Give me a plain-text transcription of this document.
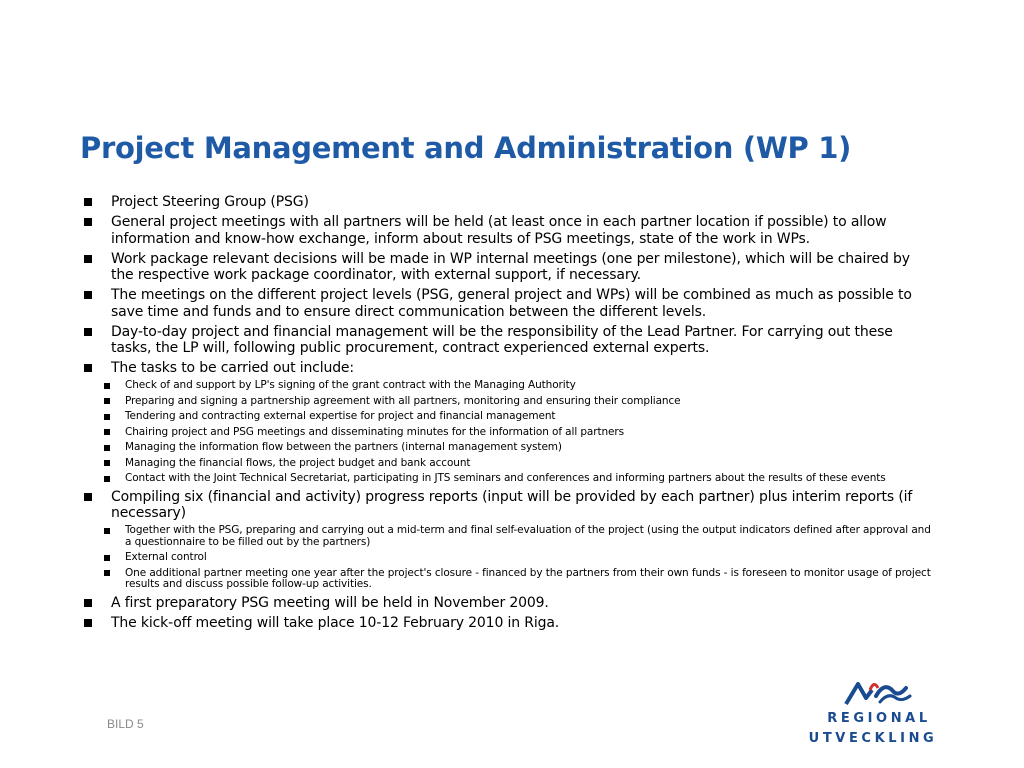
Project Management and Administration (WP 1)
Project Steering Group (PSG)
General project meetings with all partners will be held (at least once in each partner location if possible) to allow information and know-how exchange, inform about results of PSG meetings, state of the work in WPs.
Work package relevant decisions will be made in WP internal meetings (one per milestone), which will be chaired by the respective work package coordinator, with external support, if necessary.
The meetings on the different project levels (PSG, general project and WPs) will be combined as much as possible to save time and funds and to ensure direct communication between the different levels.
Day-to-day project and financial management will be the responsibility of the Lead Partner. For carrying out these tasks, the LP will, following public procurement, contract experienced external experts.
The tasks to be carried out include:
Check of and support by LP's signing of the grant contract with the Managing Authority
Preparing and signing a partnership agreement with all partners, monitoring and ensuring their compliance
Tendering and contracting external expertise for project and financial management
Chairing project and PSG meetings and disseminating minutes for the information of all partners
Managing the information flow between the partners (internal management system)
Managing the financial flows, the project budget and bank account
Contact with the Joint Technical Secretariat, participating in JTS seminars and conferences and informing partners about the results of these events
Compiling six (financial and activity) progress reports (input will be provided by each partner) plus interim reports (if necessary)
Together with the PSG, preparing and carrying out a mid-term and final self-evaluation of the project (using the output indicators defined after approval and a questionnaire to be filled out by the partners)
External control
One additional partner meeting one year after the project's closure - financed by the partners from their own funds - is foreseen to monitor usage of project results and discuss possible follow-up activities.
A first preparatory PSG meeting will be held in November 2009.
The kick-off meeting will take place 10-12 February 2010 in Riga.
BILD 5	REGIONAL
UTVECKLING
